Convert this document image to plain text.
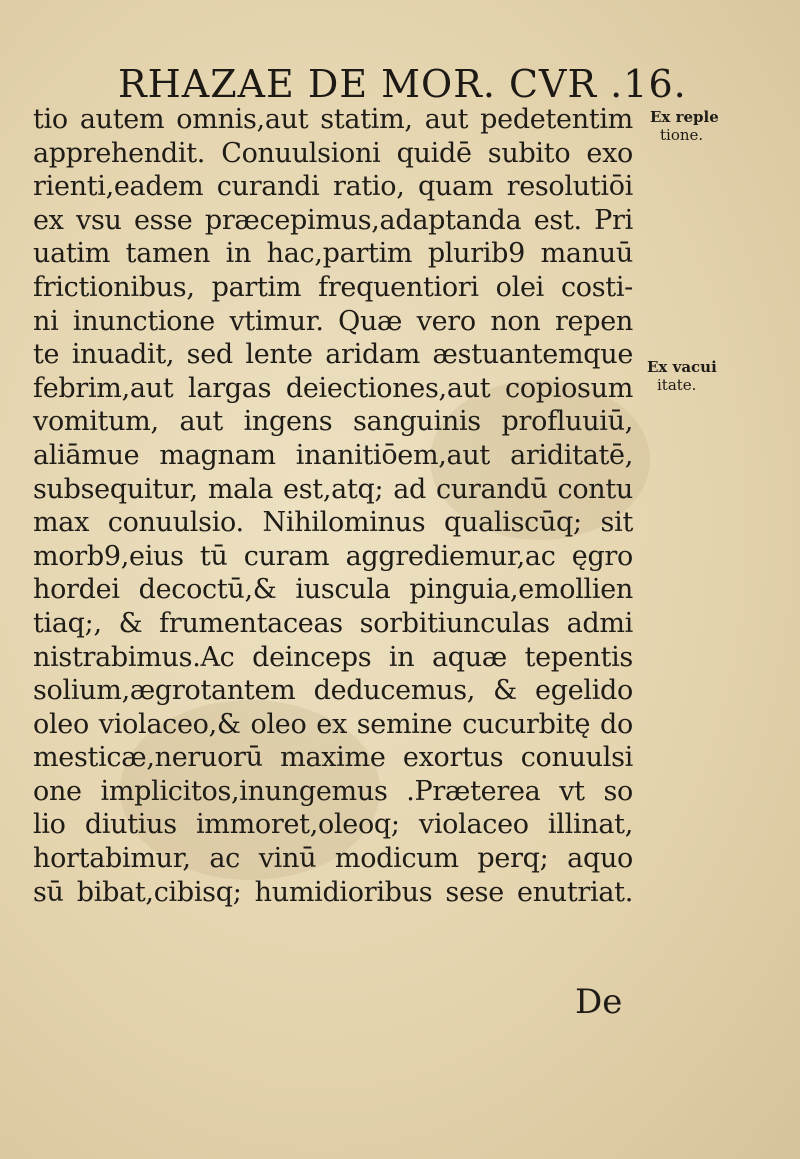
RHAZAE DE MOR. CVR .16.
tio autem omnis,aut statim, aut pedetentim
apprehendit. Conuulsioni quidē subito exo
rienti,eadem curandi ratio, quam resolutiōi
ex vsu esse præcepimus,adaptanda est. Pri
uatim tamen in hac,partim plurib9 manuū
frictionibus, partim frequentiori olei costi-
ni inunctione vtimur. Quæ vero non repen
te inuadit, sed lente aridam æstuantemque
febrim,aut largas deiectiones,aut copiosum
vomitum, aut ingens sanguinis profluuiū,
aliāmue magnam inanitiōem,aut ariditatē,
subsequitur, mala est,atq; ad curandū contu
max conuulsio. Nihilominus qualiscūq; sit
morb9,eius tū curam aggrediemur,ac ęgro
hordei decoctū,& iuscula pinguia,emollien
tiaq;, & frumentaceas sorbitiunculas admi
nistrabimus.Ac deinceps in aquæ tepentis
solium,ægrotantem deducemus, & egelido
oleo violaceo,& oleo ex semine cucurbitę do
mesticæ,neruorū maxime exortus conuulsi
one implicitos,inungemus .Præterea vt so
lio diutius immoret,oleoq; violaceo illinat,
hortabimur, ac vinū modicum perq; aquo
sū bibat,cibisq; humidioribus sese enutriat.
Ex reple
tione.
Ex vacui
itate.
De
